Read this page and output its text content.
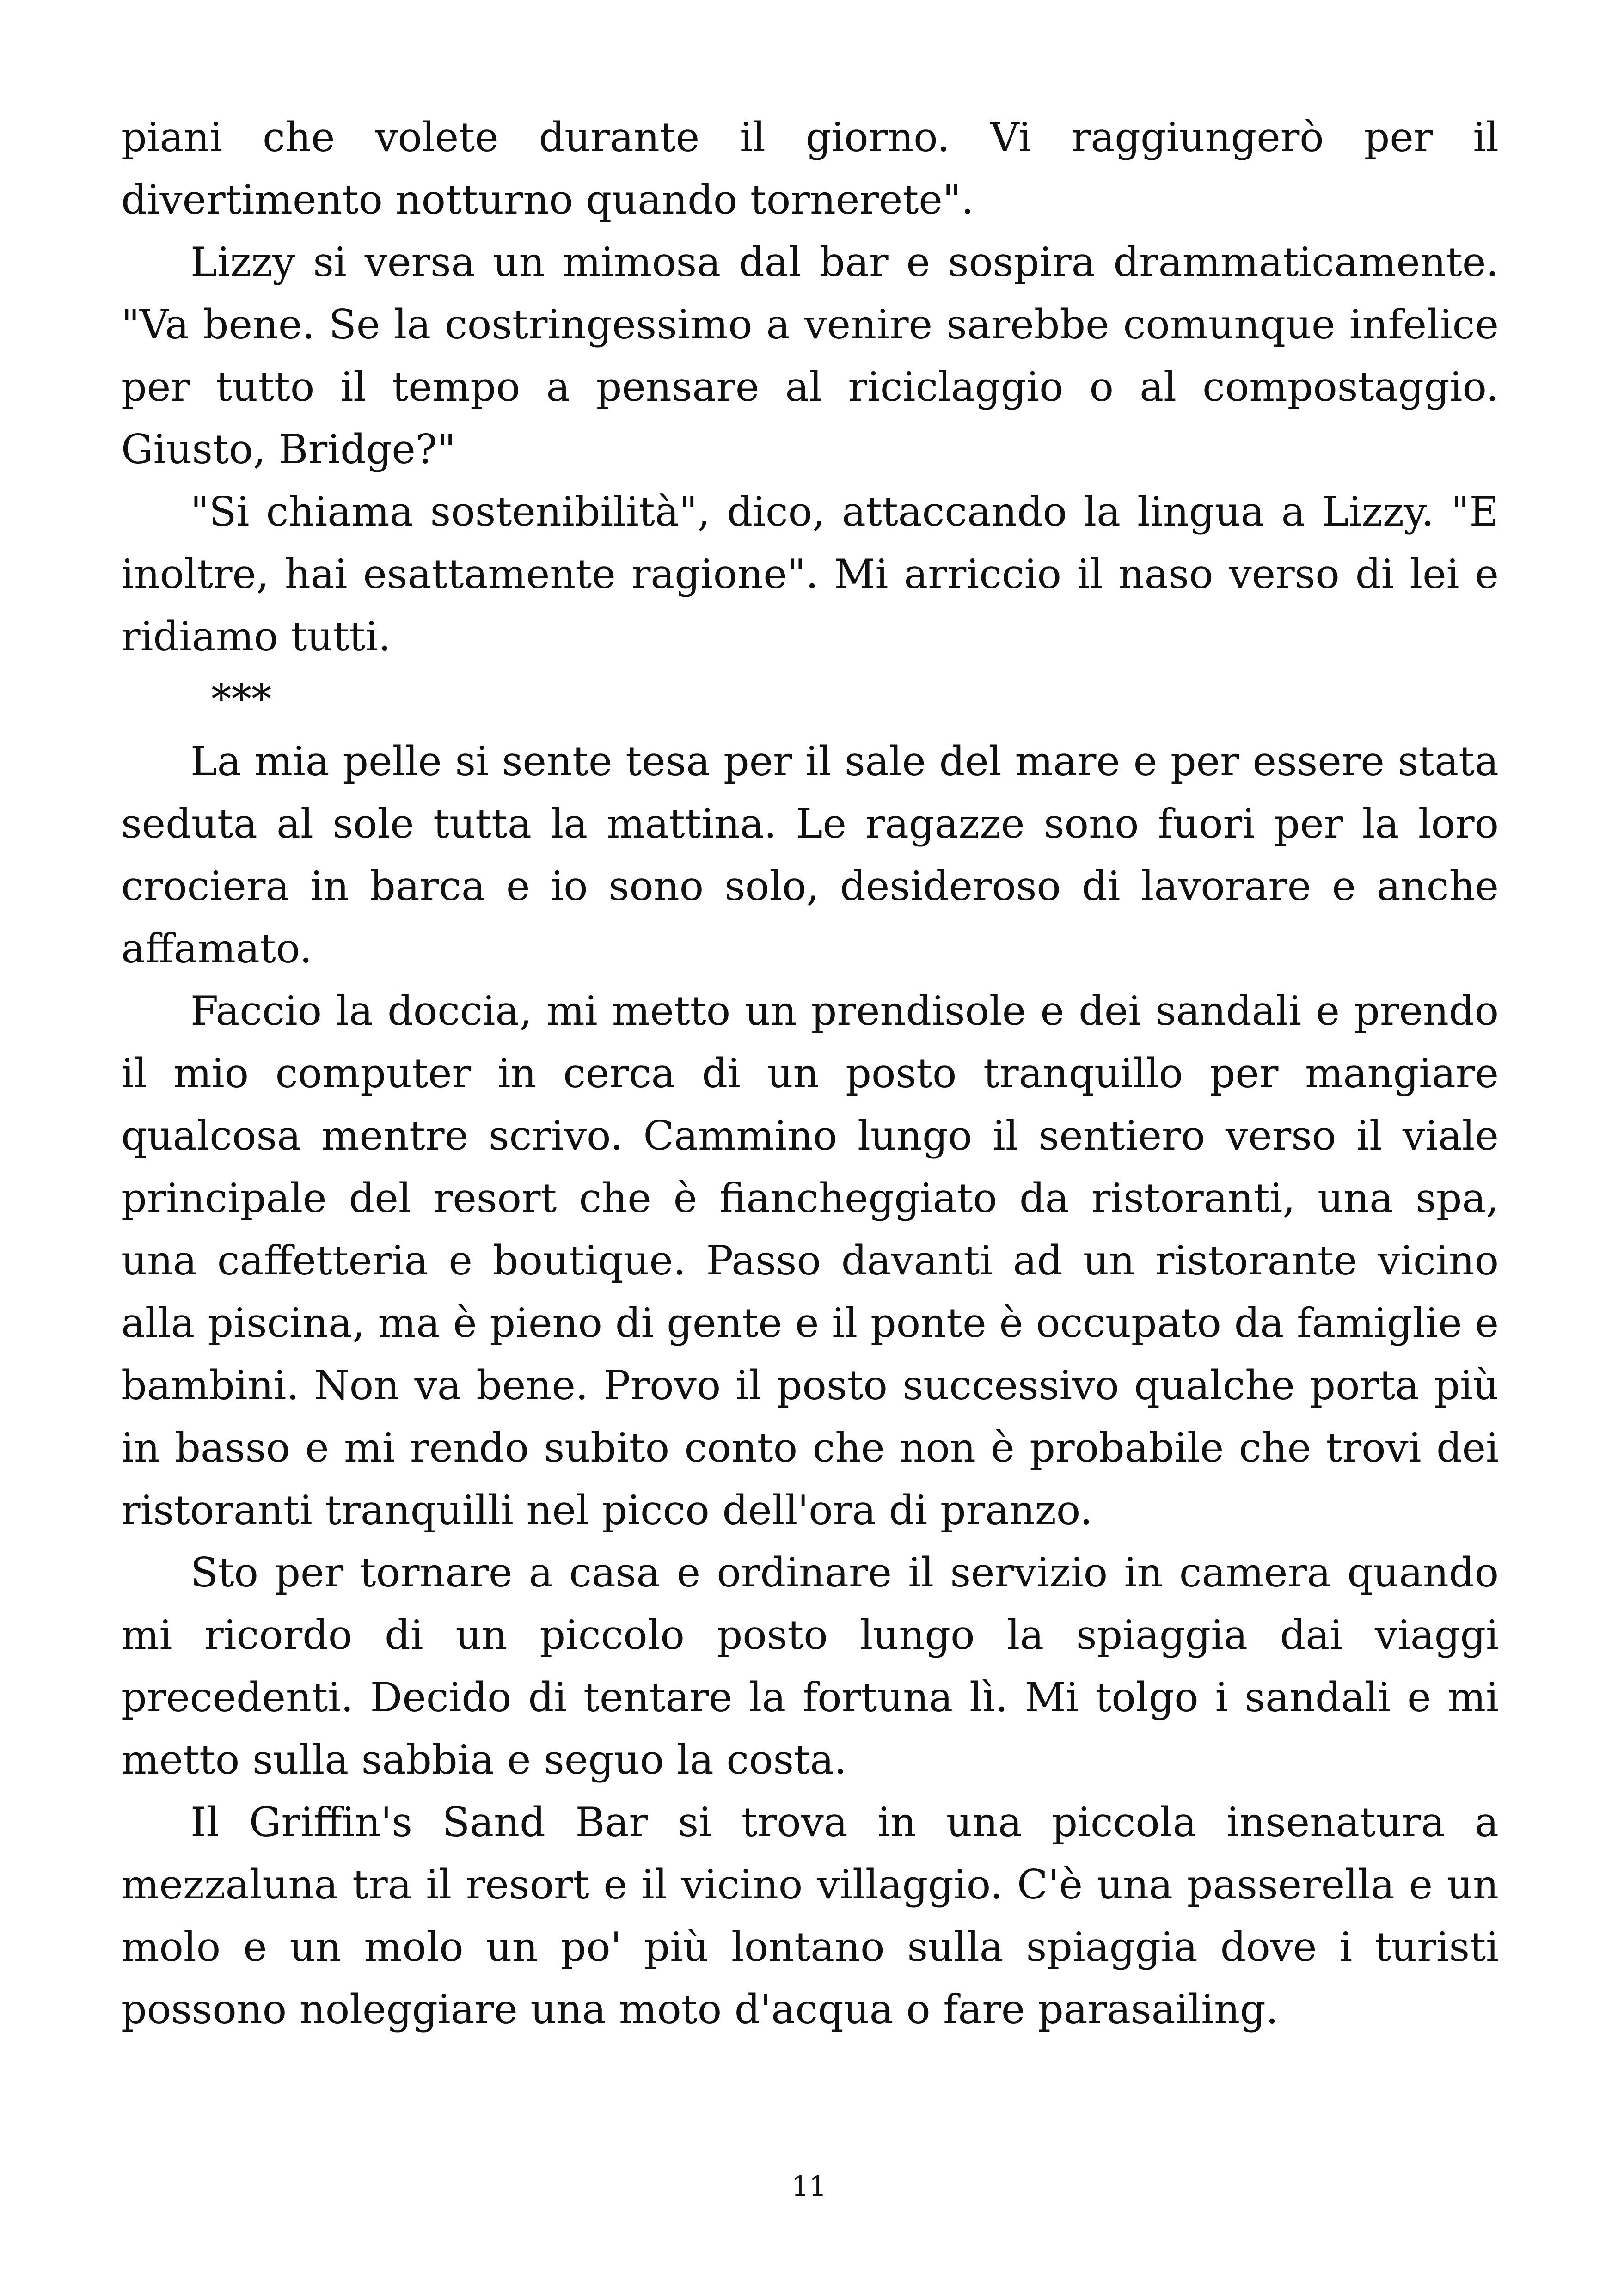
piani che volete durante il giorno. Vi raggiungerò per il divertimento notturno quando tornerete".

Lizzy si versa un mimosa dal bar e sospira drammaticamente. "Va bene. Se la costringessimo a venire sarebbe comunque infelice per tutto il tempo a pensare al riciclaggio o al compostaggio. Giusto, Bridge?"

"Si chiama sostenibilità", dico, attaccando la lingua a Lizzy. "E inoltre, hai esattamente ragione". Mi arriccio il naso verso di lei e ridiamo tutti.

***

La mia pelle si sente tesa per il sale del mare e per essere stata seduta al sole tutta la mattina. Le ragazze sono fuori per la loro crociera in barca e io sono solo, desideroso di lavorare e anche affamato.

Faccio la doccia, mi metto un prendisole e dei sandali e prendo il mio computer in cerca di un posto tranquillo per mangiare qualcosa mentre scrivo. Cammino lungo il sentiero verso il viale principale del resort che è fiancheggiato da ristoranti, una spa, una caffetteria e boutique. Passo davanti ad un ristorante vicino alla piscina, ma è pieno di gente e il ponte è occupato da famiglie e bambini. Non va bene. Provo il posto successivo qualche porta più in basso e mi rendo subito conto che non è probabile che trovi dei ristoranti tranquilli nel picco dell'ora di pranzo.

Sto per tornare a casa e ordinare il servizio in camera quando mi ricordo di un piccolo posto lungo la spiaggia dai viaggi precedenti. Decido di tentare la fortuna lì. Mi tolgo i sandali e mi metto sulla sabbia e seguo la costa.

Il Griffin's Sand Bar si trova in una piccola insenatura a mezzaluna tra il resort e il vicino villaggio. C'è una passerella e un molo e un molo un po' più lontano sulla spiaggia dove i turisti possono noleggiare una moto d'acqua o fare parasailing.

11
